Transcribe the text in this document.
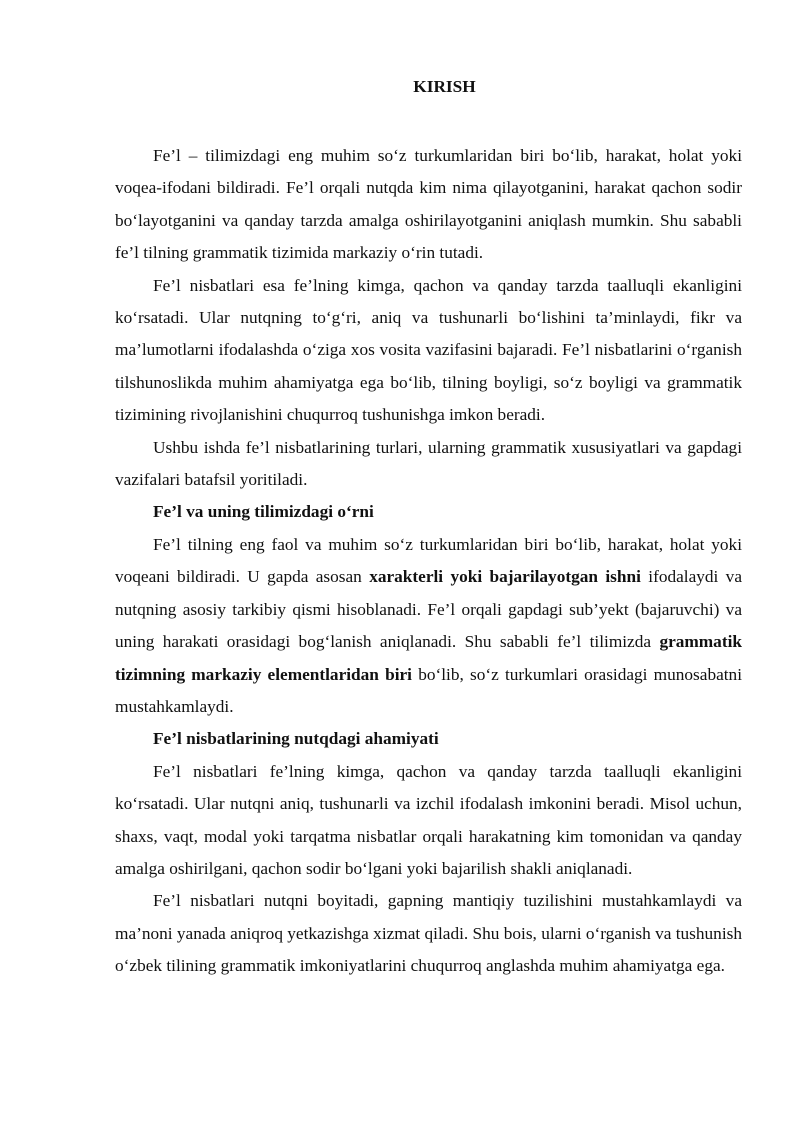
KIRISH

Fe’l – tilimizdagi eng muhim so‘z turkumlaridan biri bo‘lib, harakat, holat yoki voqea-ifodani bildiradi. Fe’l orqali nutqda kim nima qilayotganini, harakat qachon sodir bo‘layotganini va qanday tarzda amalga oshirilayotganini aniqlash mumkin. Shu sababli fe’l tilning grammatik tizimida markaziy o‘rin tutadi.

Fe’l nisbatlari esa fe’lning kimga, qachon va qanday tarzda taalluqli ekanligini ko‘rsatadi. Ular nutqning to‘g‘ri, aniq va tushunarli bo‘lishini ta’minlaydi, fikr va ma’lumotlarni ifodalashda o‘ziga xos vosita vazifasini bajaradi. Fe’l nisbatlarini o‘rganish tilshunoslikda muhim ahamiyatga ega bo‘lib, tilning boyligi, so‘z boyligi va grammatik tizimining rivojlanishini chuqurroq tushunishga imkon beradi.

Ushbu ishda fe’l nisbatlarining turlari, ularning grammatik xususiyatlari va gapdagi vazifalari batafsil yoritiladi.

Fe’l va uning tilimizdagi o‘rni

Fe’l tilning eng faol va muhim so‘z turkumlaridan biri bo‘lib, harakat, holat yoki voqeani bildiradi. U gapda asosan xarakterli yoki bajarilayotgan ishni ifodalaydi va nutqning asosiy tarkibiy qismi hisoblanadi. Fe’l orqali gapdagi sub’yekt (bajaruvchi) va uning harakati orasidagi bog‘lanish aniqlanadi. Shu sababli fe’l tilimizda grammatik tizimning markaziy elementlaridan biri bo‘lib, so‘z turkumlari orasidagi munosabatni mustahkamlaydi.

Fe’l nisbatlarining nutqdagi ahamiyati

Fe’l nisbatlari fe’lning kimga, qachon va qanday tarzda taalluqli ekanligini ko‘rsatadi. Ular nutqni aniq, tushunarli va izchil ifodalash imkonini beradi. Misol uchun, shaxs, vaqt, modal yoki tarqatma nisbatlar orqali harakatning kim tomonidan va qanday amalga oshirilgani, qachon sodir bo‘lgani yoki bajarilish shakli aniqlanadi.

Fe’l nisbatlari nutqni boyitadi, gapning mantiqiy tuzilishini mustahkamlaydi va ma’noni yanada aniqroq yetkazishga xizmat qiladi. Shu bois, ularni o‘rganish va tushunish o‘zbek tilining grammatik imkoniyatlarini chuqurroq anglashda muhim ahamiyatga ega.
